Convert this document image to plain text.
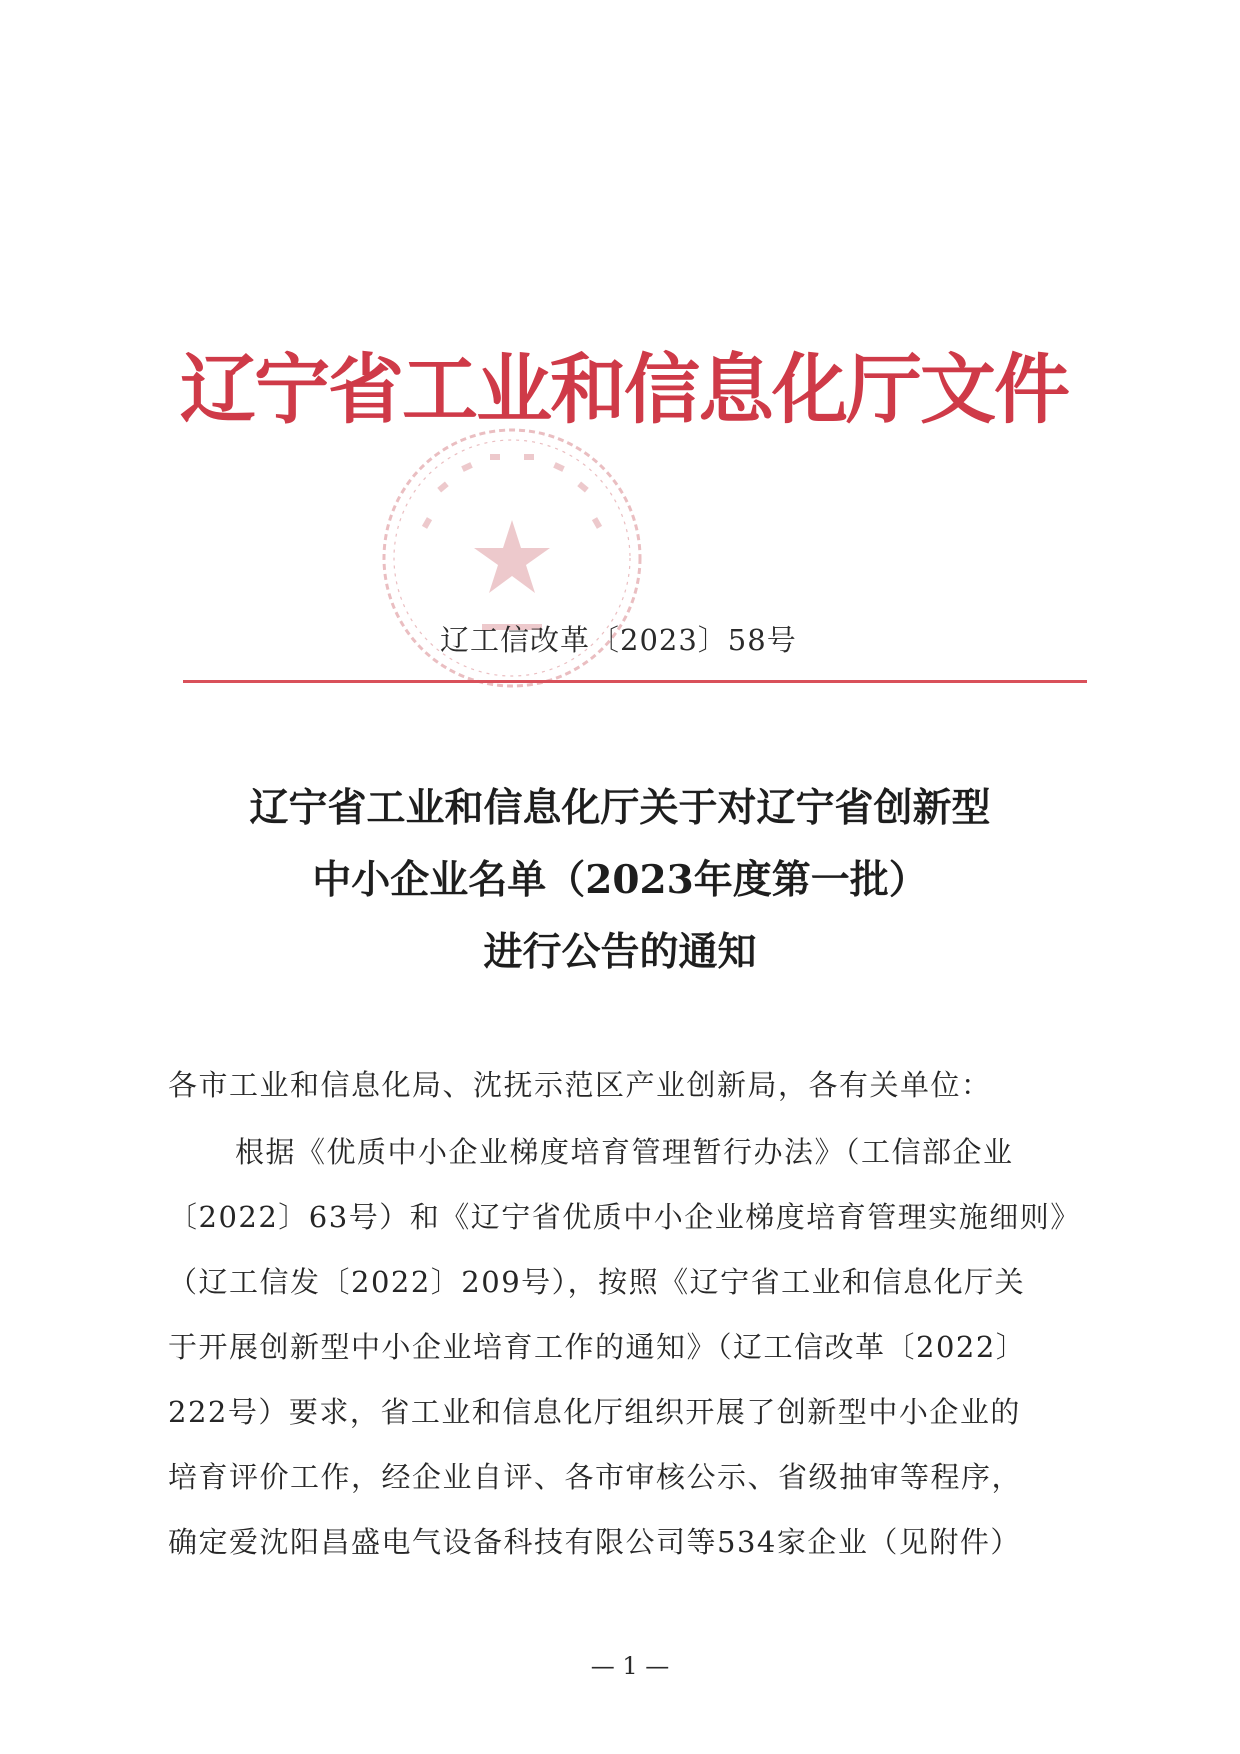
辽宁省工业和信息化厅文件
辽工信改革〔2023〕58号
辽宁省工业和信息化厅关于对辽宁省创新型
中小企业名单（2023年度第一批）
进行公告的通知
各市工业和信息化局、沈抚示范区产业创新局，各有关单位：
根据《优质中小企业梯度培育管理暂行办法》（工信部企业
〔2022〕63号）和《辽宁省优质中小企业梯度培育管理实施细则》
（辽工信发〔2022〕209号），按照《辽宁省工业和信息化厅关
于开展创新型中小企业培育工作的通知》（辽工信改革〔2022〕
222号）要求，省工业和信息化厅组织开展了创新型中小企业的
培育评价工作，经企业自评、各市审核公示、省级抽审等程序，
确定爱沈阳昌盛电气设备科技有限公司等534家企业（见附件）
— 1 —
